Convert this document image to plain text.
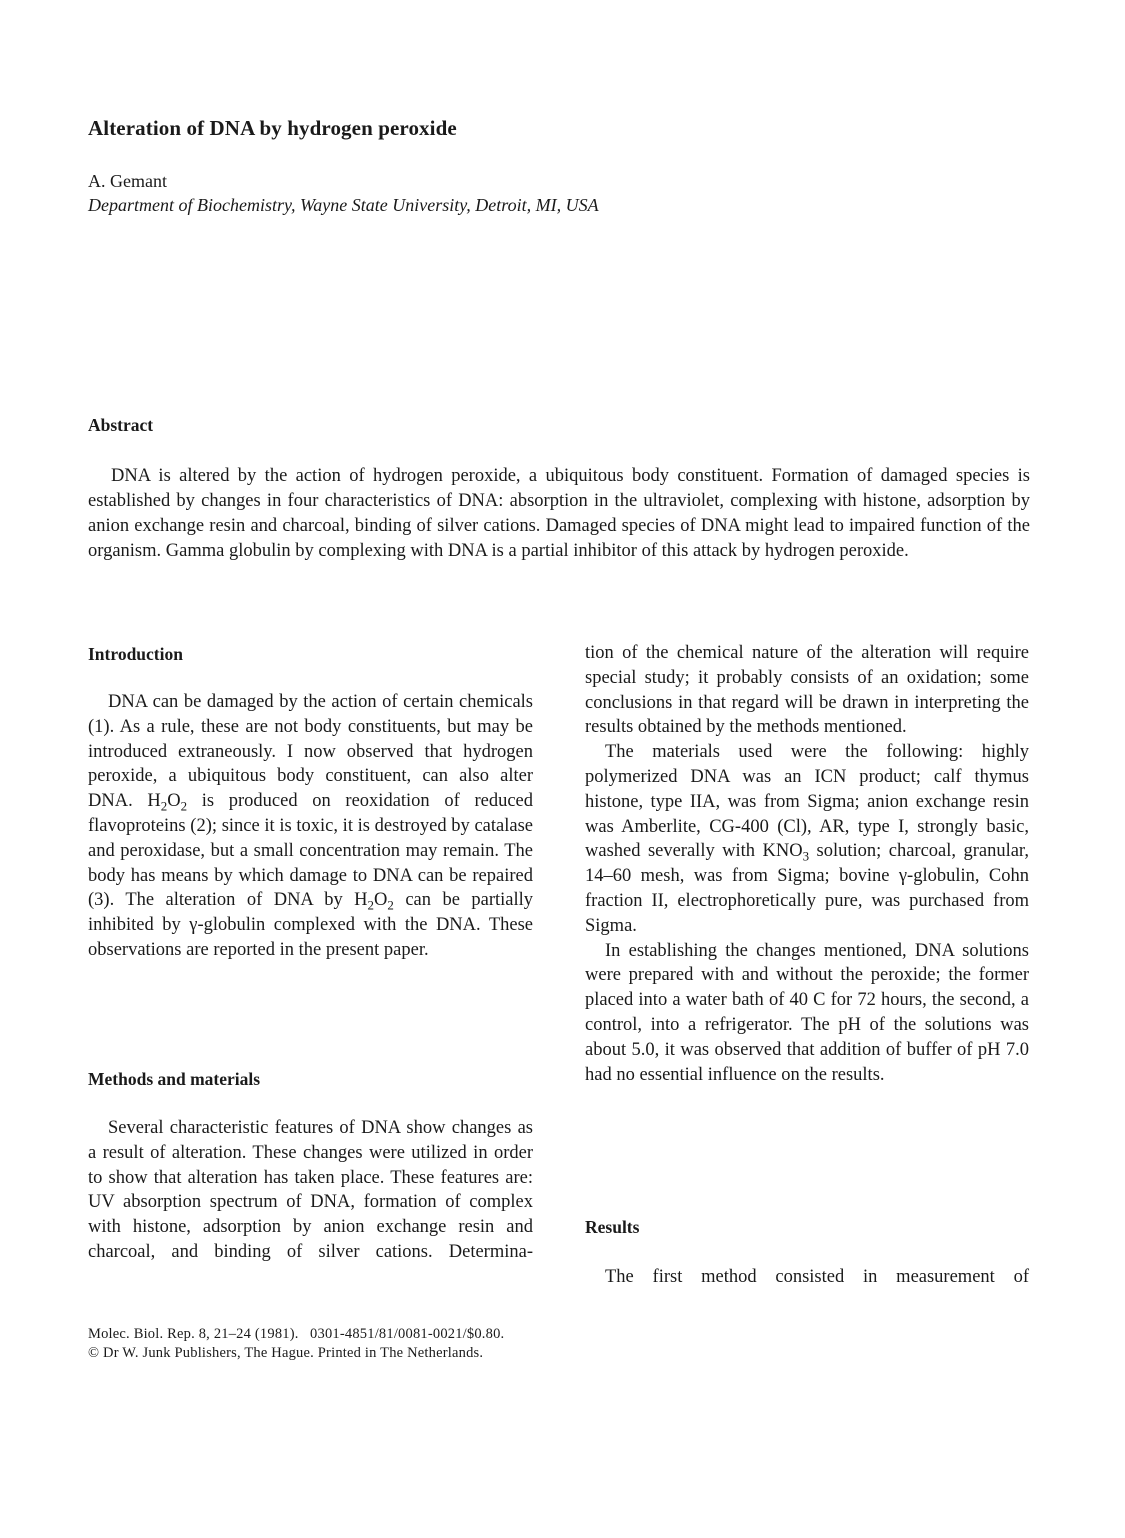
Alteration of DNA by hydrogen peroxide
A. Gemant
Department of Biochemistry, Wayne State University, Detroit, MI, USA
Abstract

DNA is altered by the action of hydrogen peroxide, a ubiquitous body constituent. Formation of damaged species is established by changes in four characteristics of DNA: absorption in the ultraviolet, complexing with histone, adsorption by anion exchange resin and charcoal, binding of silver cations. Damaged species of DNA might lead to impaired function of the organism. Gamma globulin by complexing with DNA is a partial inhibitor of this attack by hydrogen peroxide.

Introduction

DNA can be damaged by the action of certain chemicals (1). As a rule, these are not body constituents, but may be introduced extraneously. I now observed that hydrogen peroxide, a ubiquitous body constituent, can also alter DNA. $H_2O_2$ is produced on reoxidation of reduced flavoproteins (2); since it is toxic, it is destroyed by catalase and peroxidase, but a small concentration may remain. The body has means by which damage to DNA can be repaired (3). The alteration of DNA by $H_2O_2$ can be partially inhibited by γ-globulin complexed with the DNA. These observations are reported in the present paper.

Methods and materials

Several characteristic features of DNA show changes as a result of alteration. These changes were utilized in order to show that alteration has taken place. These features are: UV absorption spectrum of DNA, formation of complex with histone, adsorption by anion exchange resin and charcoal, and binding of silver cations. Determina-

tion of the chemical nature of the alteration will require special study; it probably consists of an oxidation; some conclusions in that regard will be drawn in interpreting the results obtained by the methods mentioned.

The materials used were the following: highly polymerized DNA was an ICN product; calf thymus histone, type IIA, was from Sigma; anion exchange resin was Amberlite, CG-400 (Cl), AR, type I, strongly basic, washed severally with $KNO_3$ solution; charcoal, granular, 14–60 mesh, was from Sigma; bovine γ-globulin, Cohn fraction II, electrophoretically pure, was purchased from Sigma.

In establishing the changes mentioned, DNA solutions were prepared with and without the peroxide; the former placed into a water bath of 40 C for 72 hours, the second, a control, into a refrigerator. The pH of the solutions was about 5.0, it was observed that addition of buffer of pH 7.0 had no essential influence on the results.

Results

The first method consisted in measurement of

Molec. Biol. Rep. 8, 21–24 (1981).   0301-4851/81/0081-0021/$0.80.
© Dr W. Junk Publishers, The Hague. Printed in The Netherlands.
